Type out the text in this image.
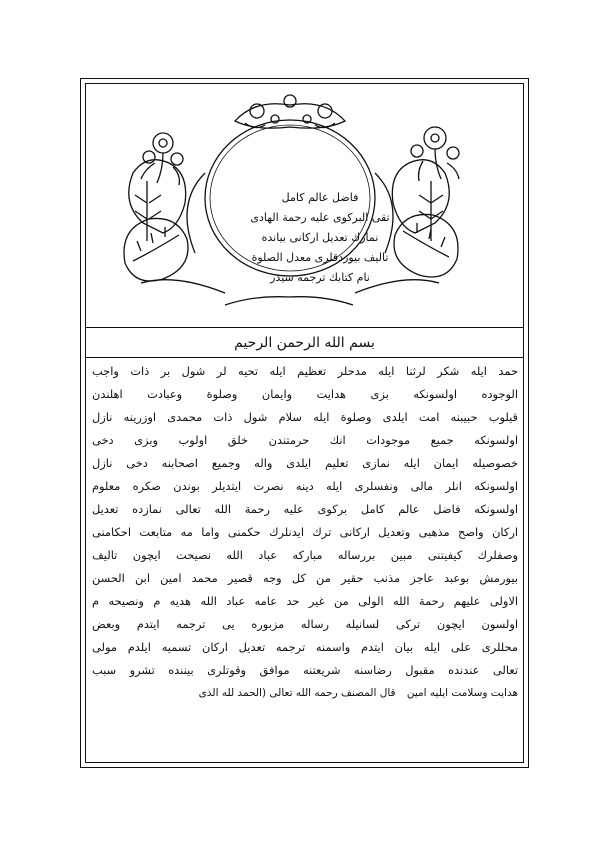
فاضل عالم كامل
تقى البركوى عليه رحمة الهادى
نمازك تعديل اركانى بيانده
تاليف بيوردقلرى معدل الصلوة
نام كتابك ترجمه سيدر
بسم الله الرحمن الرحيم
حمد ايله شكر لرثنا ايله مدحلر تعظيم ايله تحيه لر شول بر ذات واجب
الوجوده اولسونكه بزى هدايت وايمان وصلوة وعبادت اهلندن
قيلوب حبيبنه امت ايلدى وصلوة ايله سلام شول ذات محمدى اوزرينه نازل
اولسونكه جميع موجودات انك حرمتندن خلق اولوب وبزى دخى
خصوصيله ايمان ايله نمازى تعليم ايلدى واله وجميع اصحابنه دخى نازل
اولسونكه انلر مالى ونفسلرى ايله دينه نصرت ايتديلر بوندن صكره معلوم
اولسونكه فاضل عالم كامل بركوى عليه رحمة الله تعالى نمازده تعديل
اركان واصح مذهبى وتعديل اركانى ترك ايدنلرك حكمنى واما مه متابعت احكامنى
وصفلرك كيفيتنى مبين بررساله مباركه عباد الله نصيحت ايچون تاليف
بيورمش بوعبد عاجز مذنب حقير من كل وجه قصير محمد امين ابن الحسن
الاولى عليهم رحمة الله الولى من غير حد عامه عباد الله هديه م ونصيحه م
اولسون ايچون تركى لسانيله رساله مزبوره يى ترجمه ايتدم وبعض
محللرى على ايله بيان ايتدم واسمنه ترجمه تعديل اركان تسميه ايلدم مولى
تعالى عندنده مقبول رضاسنه شريعتنه موافق وقوتلرى بيننده تشرو سبب
هدايت وسلامت ايليه امين قال المصنف رحمه الله تعالى (الحمد لله الذى
